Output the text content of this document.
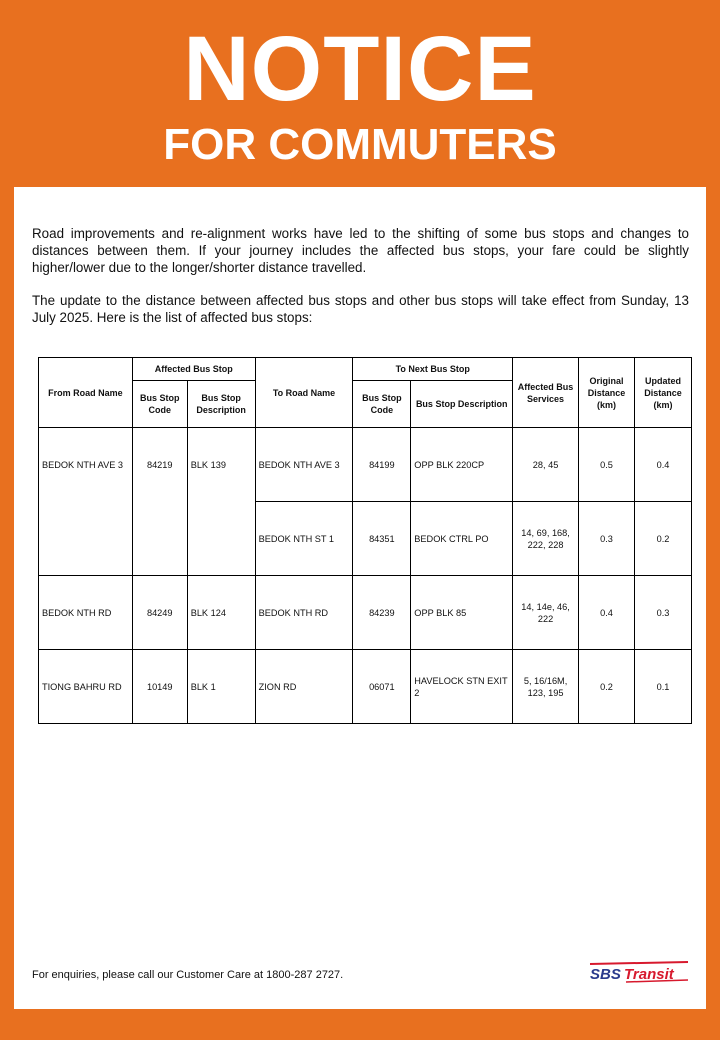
NOTICE
FOR COMMUTERS
Road improvements and re-alignment works have led to the shifting of some bus stops and changes to distances between them. If your journey includes the affected bus stops, your fare could be slightly higher/lower due to the longer/shorter distance travelled.
The update to the distance between affected bus stops and other bus stops will take effect from Sunday, 13 July 2025. Here is the list of affected bus stops:
From Road Name	Affected Bus Stop		To Road Name	To Next Bus Stop		Affected Bus Services	Original Distance (km)	Updated Distance (km)
	Bus Stop Code	Bus Stop Description		Bus Stop Code	Bus Stop Description			
BEDOK NTH AVE 3	84219	BLK 139	BEDOK NTH AVE 3	84199	OPP BLK 220CP	28, 45	0.5	0.4
			BEDOK NTH ST 1	84351	BEDOK CTRL PO	14, 69, 168, 222, 228	0.3	0.2
BEDOK NTH RD	84249	BLK 124	BEDOK NTH RD	84239	OPP BLK 85	14, 14e, 46, 222	0.4	0.3
TIONG BAHRU RD	10149	BLK 1	ZION RD	06071	HAVELOCK STN EXIT 2	5, 16/16M, 123, 195	0.2	0.1
For enquiries, please call our Customer Care at 1800-287 2727.	SBS Transit
